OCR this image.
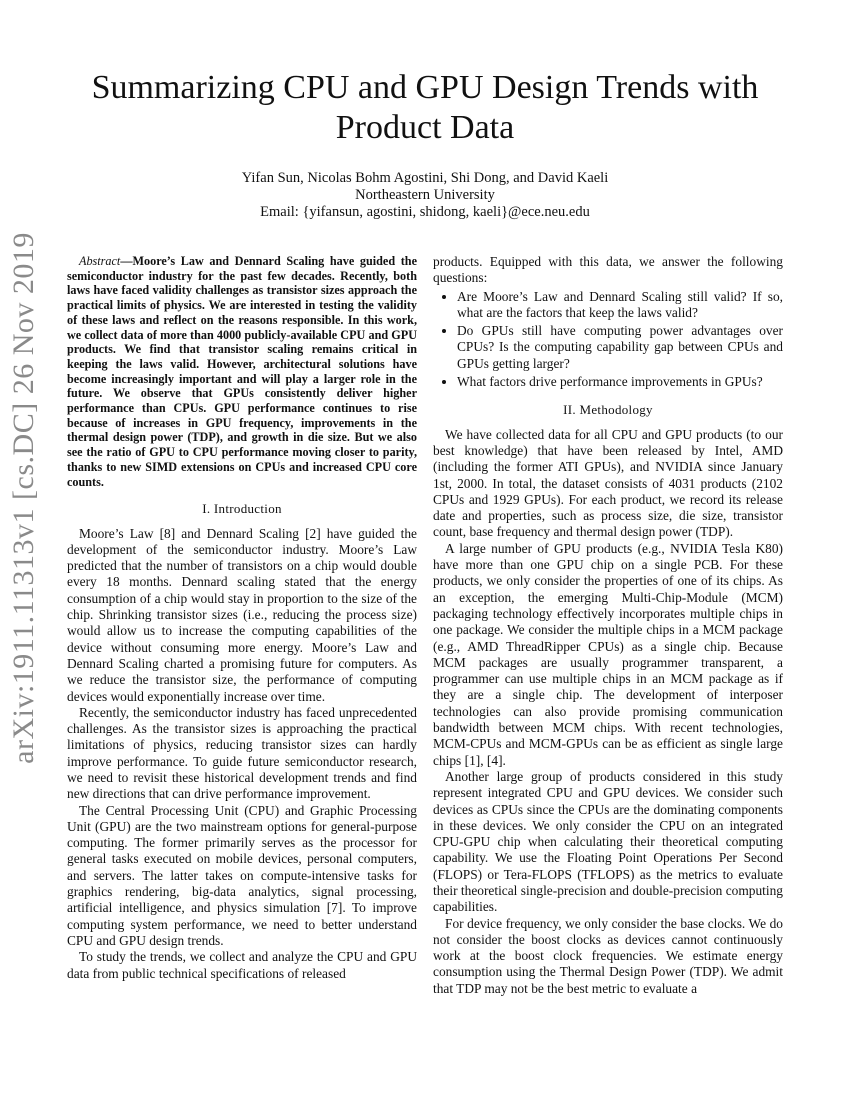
arXiv:1911.11313v1 [cs.DC] 26 Nov 2019
Summarizing CPU and GPU Design Trends with
Product Data
Yifan Sun, Nicolas Bohm Agostini, Shi Dong, and David Kaeli
Northeastern University
Email: {yifansun, agostini, shidong, kaeli}@ece.neu.edu

Abstract—Moore’s Law and Dennard Scaling have guided the semiconductor industry for the past few decades. Recently, both laws have faced validity challenges as transistor sizes approach the practical limits of physics. We are interested in testing the validity of these laws and reflect on the reasons responsible. In this work, we collect data of more than 4000 publicly-available CPU and GPU products. We find that transistor scaling remains critical in keeping the laws valid. However, architectural solutions have become increasingly important and will play a larger role in the future. We observe that GPUs consistently deliver higher performance than CPUs. GPU performance continues to rise because of increases in GPU frequency, improvements in the thermal design power (TDP), and growth in die size. But we also see the ratio of GPU to CPU performance moving closer to parity, thanks to new SIMD extensions on CPUs and increased CPU core counts.

I. Introduction

Moore’s Law [8] and Dennard Scaling [2] have guided the development of the semiconductor industry. Moore’s Law predicted that the number of transistors on a chip would double every 18 months. Dennard scaling stated that the energy consumption of a chip would stay in proportion to the size of the chip. Shrinking transistor sizes (i.e., reducing the process size) would allow us to increase the computing capabilities of the device without consuming more energy. Moore’s Law and Dennard Scaling charted a promising future for computers. As we reduce the transistor size, the performance of computing devices would exponentially increase over time.

Recently, the semiconductor industry has faced unprecedented challenges. As the transistor sizes is approaching the practical limitations of physics, reducing transistor sizes can hardly improve performance. To guide future semiconductor research, we need to revisit these historical development trends and find new directions that can drive performance improvement.

The Central Processing Unit (CPU) and Graphic Processing Unit (GPU) are the two mainstream options for general-purpose computing. The former primarily serves as the processor for general tasks executed on mobile devices, personal computers, and servers. The latter takes on compute-intensive tasks for graphics rendering, big-data analytics, signal processing, artificial intelligence, and physics simulation [7]. To improve computing system performance, we need to better understand CPU and GPU design trends.

To study the trends, we collect and analyze the CPU and GPU data from public technical specifications of released

products. Equipped with this data, we answer the following questions:

• Are Moore’s Law and Dennard Scaling still valid? If so, what are the factors that keep the laws valid?
• Do GPUs still have computing power advantages over CPUs? Is the computing capability gap between CPUs and GPUs getting larger?
• What factors drive performance improvements in GPUs?
II. Methodology

We have collected data for all CPU and GPU products (to our best knowledge) that have been released by Intel, AMD (including the former ATI GPUs), and NVIDIA since January 1st, 2000. In total, the dataset consists of 4031 products (2102 CPUs and 1929 GPUs). For each product, we record its release date and properties, such as process size, die size, transistor count, base frequency and thermal design power (TDP).

A large number of GPU products (e.g., NVIDIA Tesla K80) have more than one GPU chip on a single PCB. For these products, we only consider the properties of one of its chips. As an exception, the emerging Multi-Chip-Module (MCM) packaging technology effectively incorporates multiple chips in one package. We consider the multiple chips in a MCM package (e.g., AMD ThreadRipper CPUs) as a single chip. Because MCM packages are usually programmer transparent, a programmer can use multiple chips in an MCM package as if they are a single chip. The development of interposer technologies can also provide promising communication bandwidth between MCM chips. With recent technologies, MCM-CPUs and MCM-GPUs can be as efficient as single large chips [1], [4].

Another large group of products considered in this study represent integrated CPU and GPU devices. We consider such devices as CPUs since the CPUs are the dominating components in these devices. We only consider the CPU on an integrated CPU-GPU chip when calculating their theoretical computing capability. We use the Floating Point Operations Per Second (FLOPS) or Tera-FLOPS (TFLOPS) as the metrics to evaluate their theoretical single-precision and double-precision computing capabilities.

For device frequency, we only consider the base clocks. We do not consider the boost clocks as devices cannot continuously work at the boost clock frequencies. We estimate energy consumption using the Thermal Design Power (TDP). We admit that TDP may not be the best metric to evaluate a
